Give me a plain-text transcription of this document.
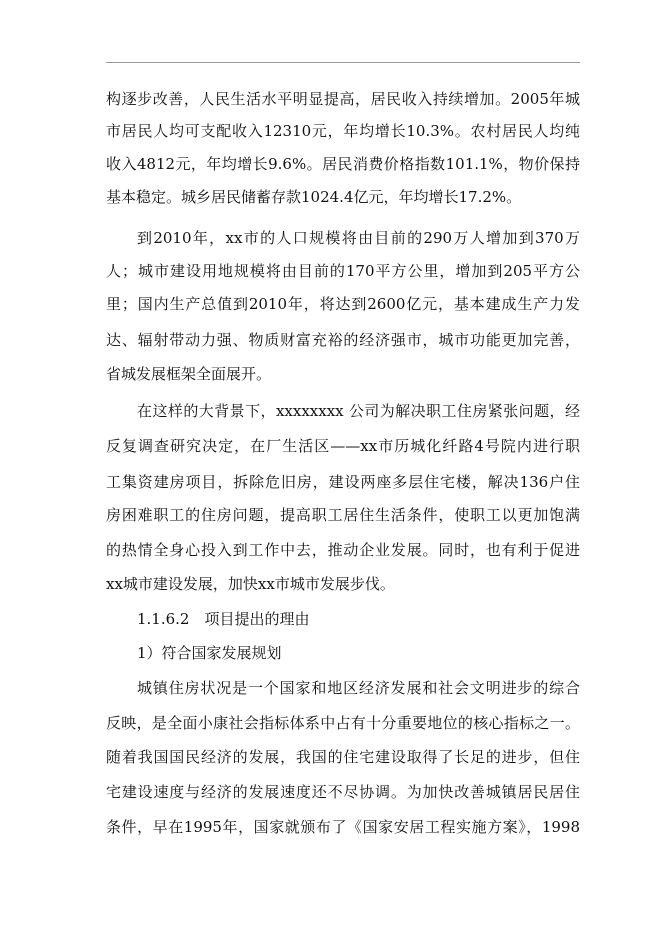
构逐步改善，人民生活水平明显提高，居民收入持续增加。2005年城
市居民人均可支配收入12310元，年均增长10.3%。农村居民人均纯
收入4812元，年均增长9.6%。居民消费价格指数101.1%，物价保持
基本稳定。城乡居民储蓄存款1024.4亿元，年均增长17.2%。
到2010年，xx市的人口规模将由目前的290万人增加到370万
人；城市建设用地规模将由目前的170平方公里，增加到205平方公
里；国内生产总值到2010年，将达到2600亿元，基本建成生产力发
达、辐射带动力强、物质财富充裕的经济强市，城市功能更加完善，
省城发展框架全面展开。
在这样的大背景下，xxxxxxxx 公司为解决职工住房紧张问题，经
反复调查研究决定，在厂生活区——xx市历城化纤路4号院内进行职
工集资建房项目，拆除危旧房，建设两座多层住宅楼，解决136户住
房困难职工的住房问题，提高职工居住生活条件，使职工以更加饱满
的热情全身心投入到工作中去，推动企业发展。同时，也有利于促进
xx城市建设发展，加快xx市城市发展步伐。
1.1.6.2　项目提出的理由
1）符合国家发展规划
城镇住房状况是一个国家和地区经济发展和社会文明进步的综合
反映，是全面小康社会指标体系中占有十分重要地位的核心指标之一。
随着我国国民经济的发展，我国的住宅建设取得了长足的进步，但住
宅建设速度与经济的发展速度还不尽协调。为加快改善城镇居民居住
条件，早在1995年，国家就颁布了《国家安居工程实施方案》，1998
